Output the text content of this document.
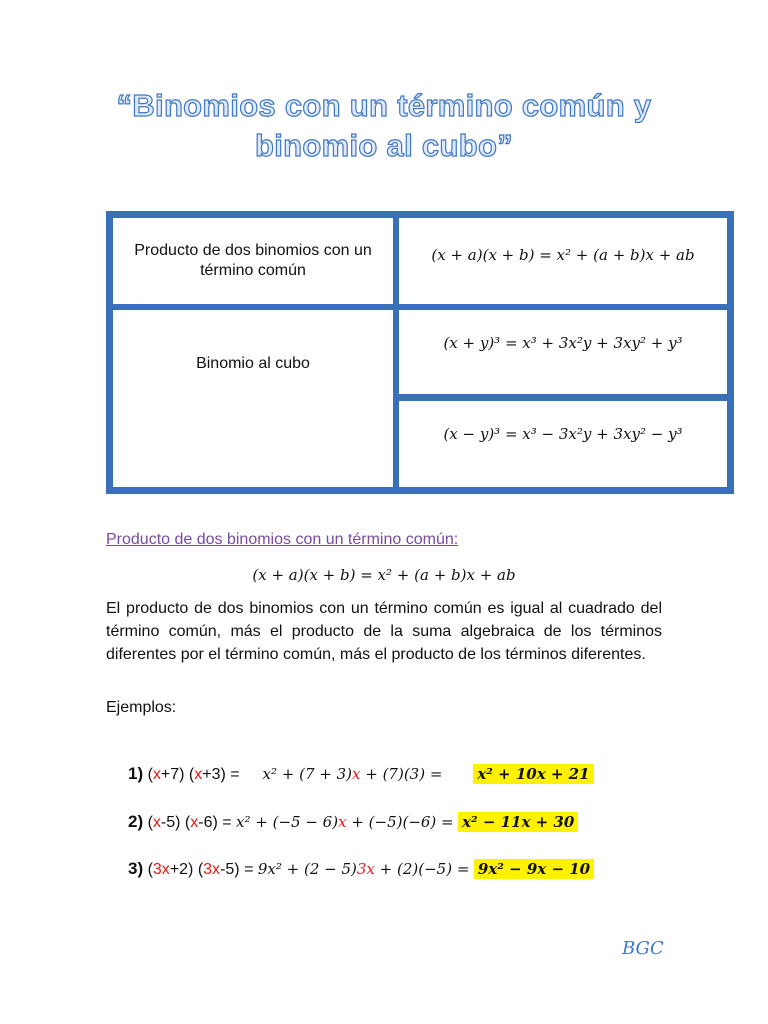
“Binomios con un término común y
binomio al cubo”
Producto de dos binomios con un término común
(x + a)(x + b) = x² + (a + b)x + ab
Binomio al cubo
(x + y)³ = x³ + 3x²y + 3xy² + y³
(x − y)³ = x³ − 3x²y + 3xy² − y³
Producto de dos binomios con un término común:
(x + a)(x + b) = x² + (a + b)x + ab
El producto de dos binomios con un término común es igual al cuadrado del término común, más el producto de la suma algebraica de los términos diferentes por el término común, más el producto de los términos diferentes.
Ejemplos:
1) (x+7) (x+3) = x² + (7 + 3)x + (7)(3) = x² + 10x + 21
2) (x-5) (x-6) = x² + (−5 − 6)x + (−5)(−6) = x² − 11x + 30
3) (3x+2) (3x-5) = 9x² + (2 − 5)3x + (2)(−5) = 9x² − 9x − 10
BGC
